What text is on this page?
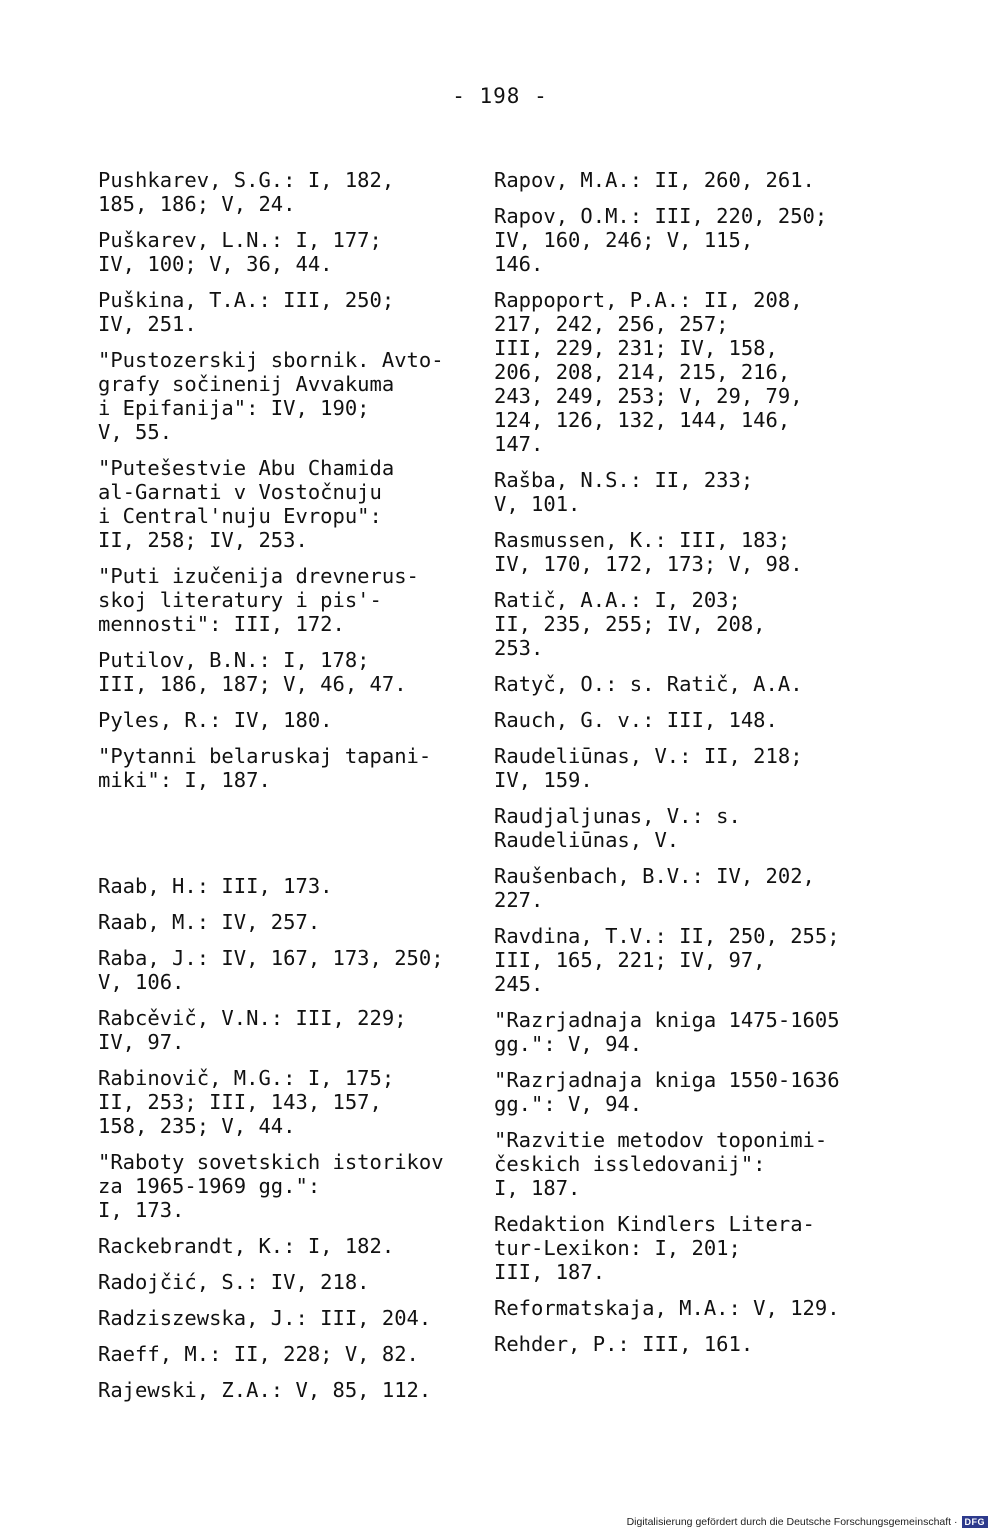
- 198 -
Pushkarev, S.G.: I, 182,
185, 186; V, 24.
Puškarev, L.N.: I, 177;
IV, 100; V, 36, 44.
Puškina, T.A.: III, 250;
IV, 251.
"Pustozerskij sbornik. Avto-
grafy sočinenij Avvakuma
i Epifanija": IV, 190;
V, 55.
"Putešestvie Abu Chamida
al-Garnati v Vostočnuju
i Central'nuju Evropu":
II, 258; IV, 253.
"Puti izučenija drevnerus-
skoj literatury i pis'-
mennosti": III, 172.
Putilov, B.N.: I, 178;
III, 186, 187; V, 46, 47.
Pyles, R.: IV, 180.
"Pytanni belaruskaj tapani-
miki": I, 187.
Raab, H.: III, 173.
Raab, M.: IV, 257.
Raba, J.: IV, 167, 173, 250;
V, 106.
Rabcěvič, V.N.: III, 229;
IV, 97.
Rabinovič, M.G.: I, 175;
II, 253; III, 143, 157,
158, 235; V, 44.
"Raboty sovetskich istorikov
za 1965-1969 gg.":
I, 173.
Rackebrandt, K.: I, 182.
Radojčić, S.: IV, 218.
Radziszewska, J.: III, 204.
Raeff, M.: II, 228; V, 82.
Rajewski, Z.A.: V, 85, 112.
Rapov, M.A.: II, 260, 261.
Rapov, O.M.: III, 220, 250;
IV, 160, 246; V, 115,
146.
Rappoport, P.A.: II, 208,
217, 242, 256, 257;
III, 229, 231; IV, 158,
206, 208, 214, 215, 216,
243, 249, 253; V, 29, 79,
124, 126, 132, 144, 146,
147.
Rašba, N.S.: II, 233;
V, 101.
Rasmussen, K.: III, 183;
IV, 170, 172, 173; V, 98.
Ratič, A.A.: I, 203;
II, 235, 255; IV, 208,
253.
Ratyč, O.: s. Ratič, A.A.
Rauch, G. v.: III, 148.
Raudeliūnas, V.: II, 218;
IV, 159.
Raudjaljunas, V.: s.
Raudeliūnas, V.
Raušenbach, B.V.: IV, 202,
227.
Ravdina, T.V.: II, 250, 255;
III, 165, 221; IV, 97,
245.
"Razrjadnaja kniga 1475-1605
gg.": V, 94.
"Razrjadnaja kniga 1550-1636
gg.": V, 94.
"Razvitie metodov toponimi-
českich issledovanij":
I, 187.
Redaktion Kindlers Litera-
tur-Lexikon: I, 201;
III, 187.
Reformatskaja, M.A.: V, 129.
Rehder, P.: III, 161.
Digitalisierung gefördert durch die Deutsche Forschungsgemeinschaft · DFG
